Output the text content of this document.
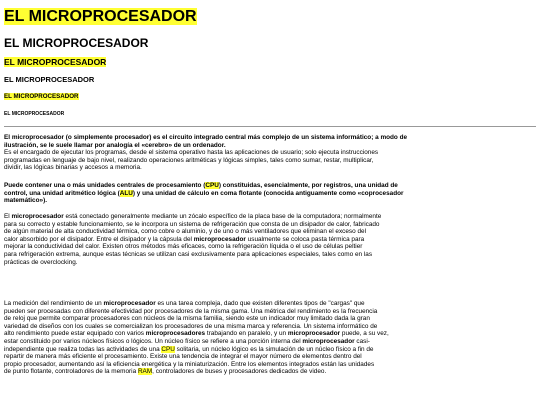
EL MICROPROCESADOR
EL MICROPROCESADOR
EL MICROPROCESADOR
EL MICROPROCESADOR
EL MICROPROCESADOR
EL MICROPROCESADOR

El microprocesador (o simplemente procesador) es el circuito integrado central más complejo de un sistema informático; a modo de

ilustración, se le suele llamar por analogía el «cerebro» de un ordenador.

Es el encargado de ejecutar los programas, desde el sistema operativo hasta las aplicaciones de usuario; solo ejecuta instrucciones

programadas en lenguaje de bajo nivel, realizando operaciones aritméticas y lógicas simples, tales como sumar, restar, multiplicar,

dividir, las lógicas binarias y accesos a memoria.

Puede contener una o más unidades centrales de procesamiento (CPU) constituidas, esencialmente, por registros, una unidad de

control, una unidad aritmético lógica (ALU) y una unidad de cálculo en coma flotante (conocida antiguamente como «coprocesador

matemático»).

El microprocesador está conectado generalmente mediante un zócalo específico de la placa base de la computadora; normalmente

para su correcto y estable funcionamiento, se le incorpora un sistema de refrigeración que consta de un disipador de calor, fabricado

de algún material de alta conductividad térmica, como cobre o aluminio, y de uno o más ventiladores que eliminan el exceso del

calor absorbido por el disipador. Entre el disipador y la cápsula del microprocesador usualmente se coloca pasta térmica para

mejorar la conductividad del calor. Existen otros métodos más eficaces, como la refrigeración líquida o el uso de células peltier

para refrigeración extrema, aunque estas técnicas se utilizan casi exclusivamente para aplicaciones especiales, tales como en las

prácticas de overclocking.

La medición del rendimiento de un microprocesador es una tarea compleja, dado que existen diferentes tipos de "cargas" que

pueden ser procesadas con diferente efectividad por procesadores de la misma gama. Una métrica del rendimiento es la frecuencia

de reloj que permite comparar procesadores con núcleos de la misma familia, siendo este un indicador muy limitado dada la gran

variedad de diseños con los cuales se comercializan los procesadores de una misma marca y referencia. Un sistema informático de

alto rendimiento puede estar equipado con varios microprocesadores trabajando en paralelo, y un microprocesador puede, a su vez,

estar constituido por varios núcleos físicos o lógicos. Un núcleo físico se refiere a una porción interna del microprocesador casi-

independiente que realiza todas las actividades de una CPU solitaria, un núcleo lógico es la simulación de un núcleo físico a fin de

repartir de manera más eficiente el procesamiento. Existe una tendencia de integrar el mayor número de elementos dentro del

propio procesador, aumentando así la eficiencia energética y la miniaturización. Entre los elementos integrados están las unidades

de punto flotante, controladores de la memoria RAM, controladores de buses y procesadores dedicados de video.
